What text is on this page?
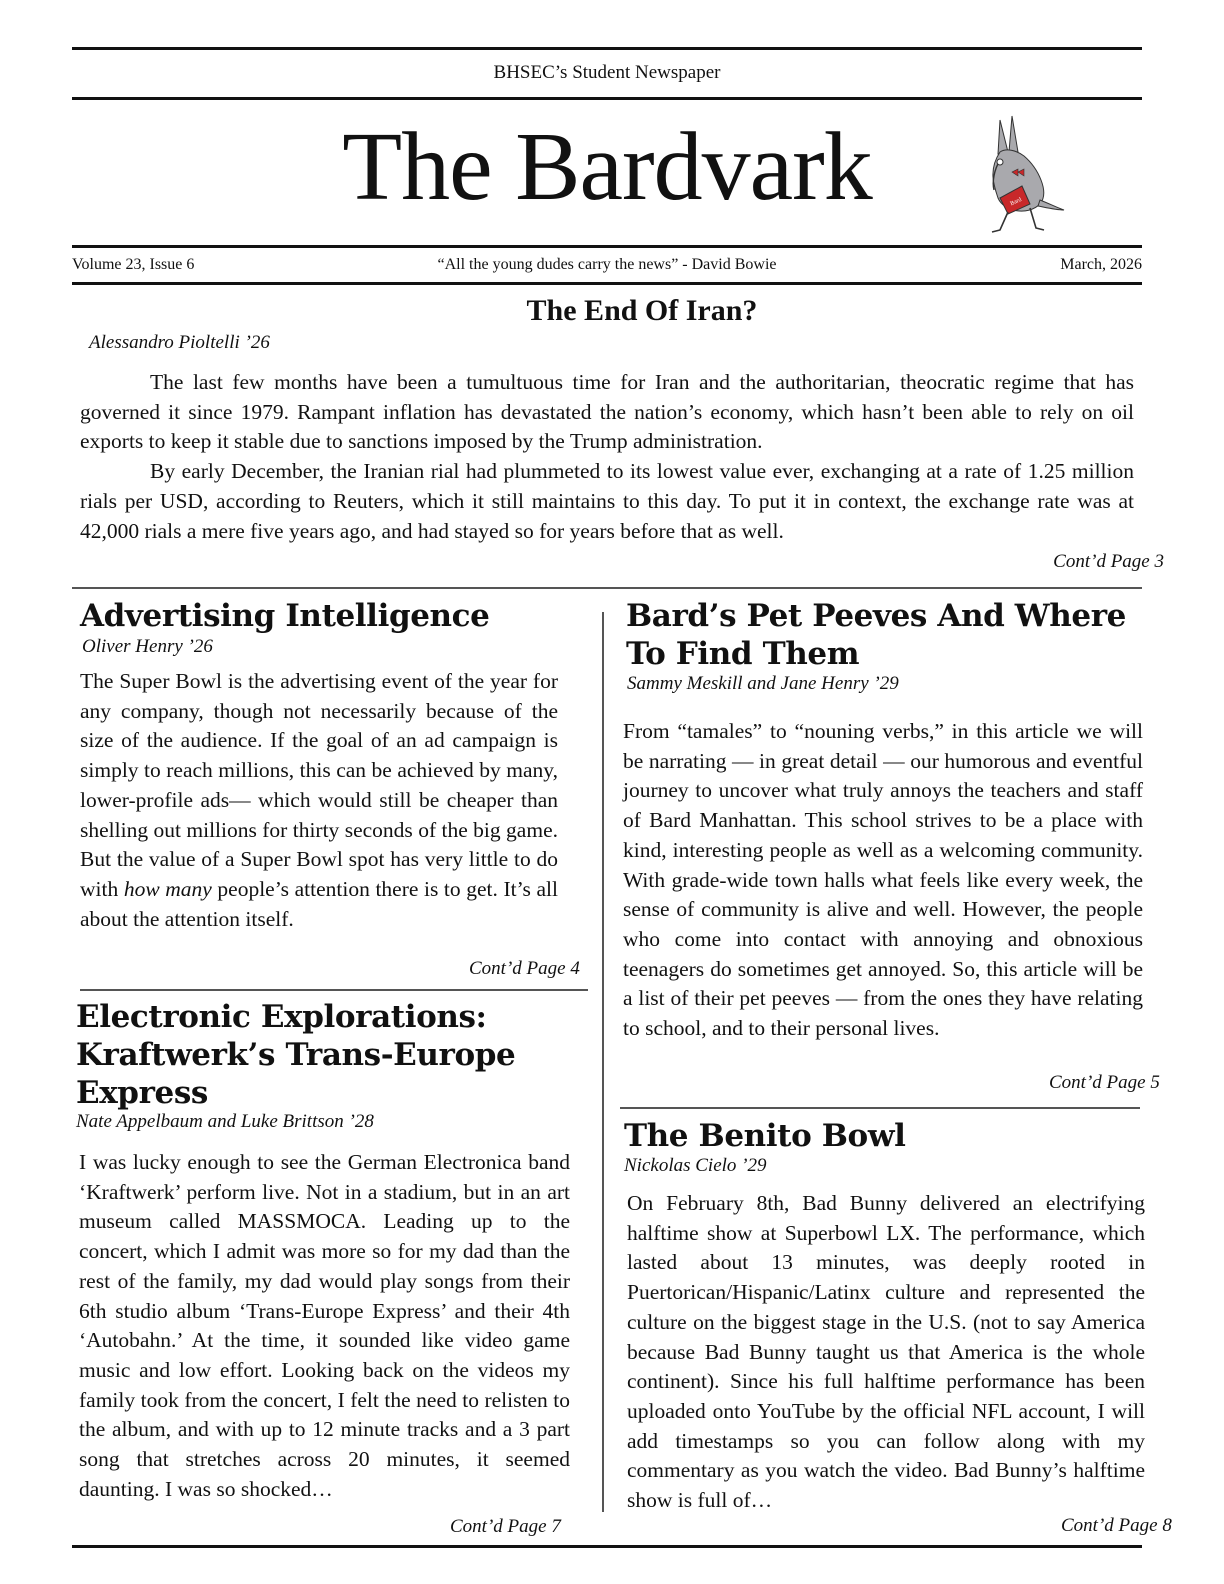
BHSEC’s Student Newspaper
The Bardvark	Bard
Volume 23, Issue 6	“All the young dudes carry the news” - David Bowie	March, 2026
The End Of Iran?
Alessandro Pioltelli ’26

The last few months have been a tumultuous time for Iran and the authoritarian, theocratic regime that has governed it since 1979. Rampant inflation has devastated the nation’s economy, which hasn’t been able to rely on oil exports to keep it stable due to sanctions imposed by the Trump administration.

By early December, the Iranian rial had plummeted to its lowest value ever, exchanging at a rate of 1.25 million rials per USD, according to Reuters, which it still maintains to this day. To put it in context, the exchange rate was at 42,000 rials a mere five years ago, and had stayed so for years before that as well.

Cont’d Page 3
Advertising Intelligence
Oliver Henry ’26
The Super Bowl is the advertising event of the year for any company, though not necessarily because of the size of the audience. If the goal of an ad campaign is simply to reach millions, this can be achieved by many, lower-profile ads— which would still be cheaper than shelling out millions for thirty seconds of the big game. But the value of a Super Bowl spot has very little to do with how many people’s attention there is to get. It’s all about the attention itself.
Cont’d Page 4
Electronic Explorations: Kraftwerk’s Trans-Europe Express
Nate Appelbaum and Luke Brittson ’28
I was lucky enough to see the German Electronica band ‘Kraftwerk’ perform live. Not in a stadium, but in an art museum called MASSMOCA. Leading up to the concert, which I admit was more so for my dad than the rest of the family, my dad would play songs from their 6th studio album ‘Trans-Europe Express’ and their 4th ‘Autobahn.’ At the time, it sounded like video game music and low effort. Looking back on the videos my family took from the concert, I felt the need to relisten to the album, and with up to 12 minute tracks and a 3 part song that stretches across 20 minutes, it seemed daunting. I was so shocked…
Cont’d Page 7
Bard’s Pet Peeves And Where To Find Them
Sammy Meskill and Jane Henry ’29
From “tamales” to “nouning verbs,” in this article we will be narrating — in great detail — our humorous and eventful journey to uncover what truly annoys the teachers and staff of Bard Manhattan. This school strives to be a place with kind, interesting people as well as a welcoming community. With grade-wide town halls what feels like every week, the sense of community is alive and well. However, the people who come into contact with annoying and obnoxious teenagers do sometimes get annoyed. So, this article will be a list of their pet peeves — from the ones they have relating to school, and to their personal lives.
Cont’d Page 5
The Benito Bowl
Nickolas Cielo ’29
On February 8th, Bad Bunny delivered an electrifying halftime show at Superbowl LX. The performance, which lasted about 13 minutes, was deeply rooted in Puertorican/Hispanic/Latinx culture and represented the culture on the biggest stage in the U.S. (not to say America because Bad Bunny taught us that America is the whole continent). Since his full halftime performance has been uploaded onto YouTube by the official NFL account, I will add timestamps so you can follow along with my commentary as you watch the video. Bad Bunny’s halftime show is full of…
Cont’d Page 8
